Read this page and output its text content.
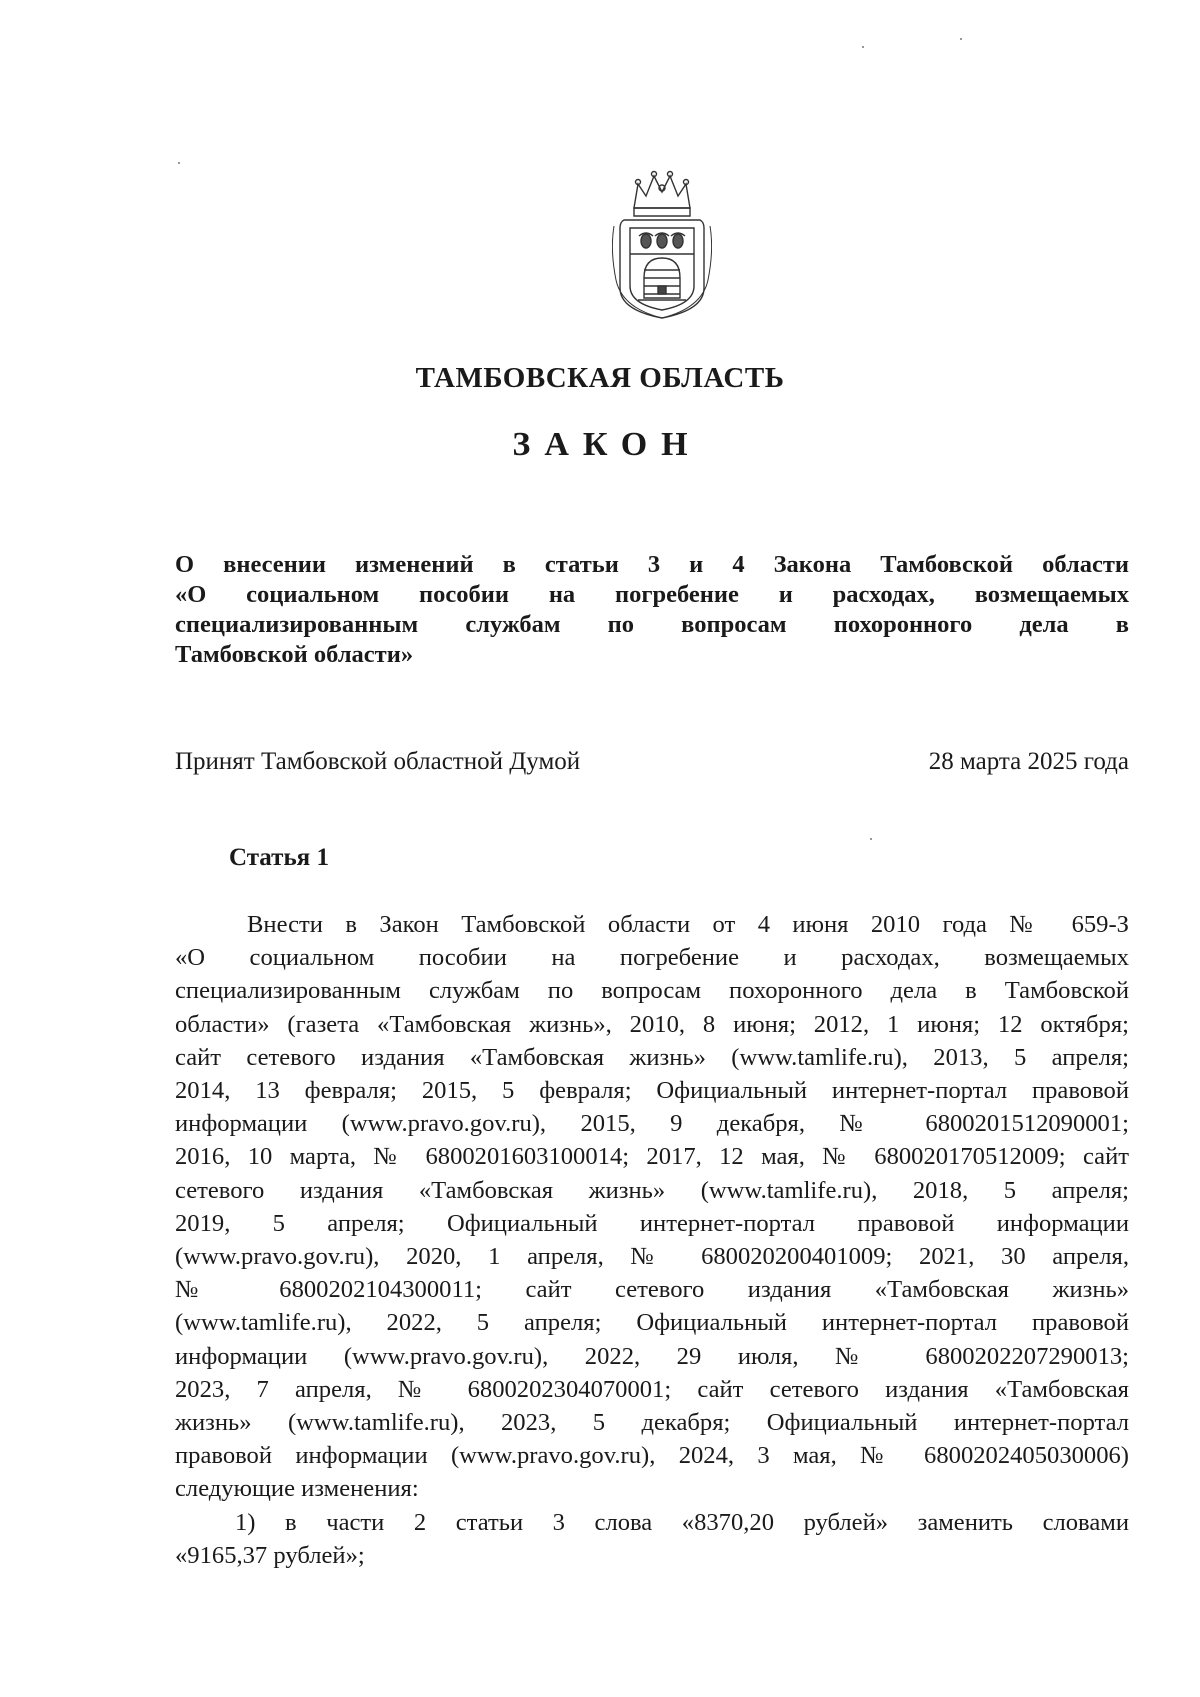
ТАМБОВСКАЯ ОБЛАСТЬ
ЗАКОН
О внесении изменений в статьи 3 и 4 Закона Тамбовской области
«О социальном пособии на погребение и расходах, возмещаемых
специализированным службам по вопросам похоронного дела в
Тамбовской области»
Принят Тамбовской областной Думой	28 марта 2025 года
Статья 1
Внести в Закон Тамбовской области от 4 июня 2010 года № 659-З
«О социальном пособии на погребение и расходах, возмещаемых
специализированным службам по вопросам похоронного дела в Тамбовской
области» (газета «Тамбовская жизнь», 2010, 8 июня; 2012, 1 июня; 12 октября;
сайт сетевого издания «Тамбовская жизнь» (www.tamlife.ru), 2013, 5 апреля;
2014, 13 февраля; 2015, 5 февраля; Официальный интернет-портал правовой
информации (www.pravo.gov.ru), 2015, 9 декабря, № 6800201512090001;
2016, 10 марта, № 6800201603100014; 2017, 12 мая, № 680020170512009; сайт
сетевого издания «Тамбовская жизнь» (www.tamlife.ru), 2018, 5 апреля;
2019, 5 апреля; Официальный интернет-портал правовой информации
(www.pravo.gov.ru), 2020, 1 апреля, № 680020200401009; 2021, 30 апреля,
№ 6800202104300011; сайт сетевого издания «Тамбовская жизнь»
(www.tamlife.ru), 2022, 5 апреля; Официальный интернет-портал правовой
информации (www.pravo.gov.ru), 2022, 29 июля, № 6800202207290013;
2023, 7 апреля, № 6800202304070001; сайт сетевого издания «Тамбовская
жизнь» (www.tamlife.ru), 2023, 5 декабря; Официальный интернет-портал
правовой информации (www.pravo.gov.ru), 2024, 3 мая, № 6800202405030006)
следующие изменения:
1) в части 2 статьи 3 слова «8370,20 рублей» заменить словами
«9165,37 рублей»;
